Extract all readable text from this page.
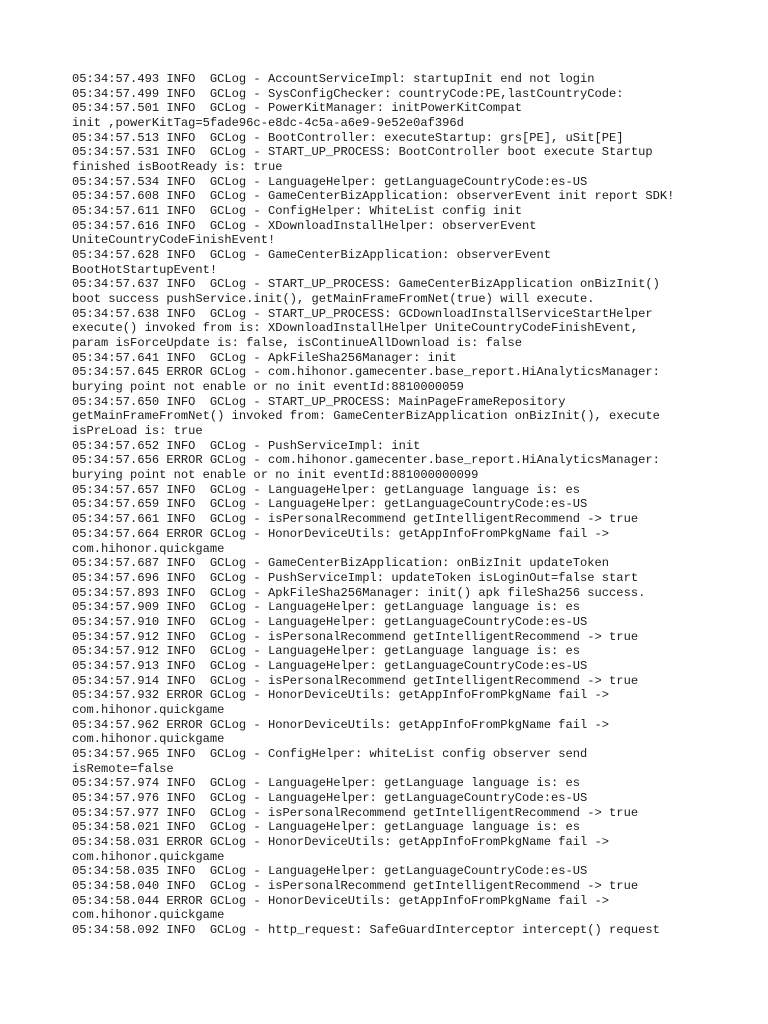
05:34:57.493 INFO  GCLog - AccountServiceImpl: startupInit end not login
05:34:57.499 INFO  GCLog - SysConfigChecker: countryCode:PE,lastCountryCode:
05:34:57.501 INFO  GCLog - PowerKitManager: initPowerKitCompat
init ,powerKitTag=5fade96c-e8dc-4c5a-a6e9-9e52e0af396d
05:34:57.513 INFO  GCLog - BootController: executeStartup: grs[PE], uSit[PE]
05:34:57.531 INFO  GCLog - START_UP_PROCESS: BootController boot execute Startup
finished isBootReady is: true
05:34:57.534 INFO  GCLog - LanguageHelper: getLanguageCountryCode:es-US
05:34:57.608 INFO  GCLog - GameCenterBizApplication: observerEvent init report SDK!
05:34:57.611 INFO  GCLog - ConfigHelper: WhiteList config init
05:34:57.616 INFO  GCLog - XDownloadInstallHelper: observerEvent
UniteCountryCodeFinishEvent!
05:34:57.628 INFO  GCLog - GameCenterBizApplication: observerEvent
BootHotStartupEvent!
05:34:57.637 INFO  GCLog - START_UP_PROCESS: GameCenterBizApplication onBizInit()
boot success pushService.init(), getMainFrameFromNet(true) will execute.
05:34:57.638 INFO  GCLog - START_UP_PROCESS: GCDownloadInstallServiceStartHelper
execute() invoked from is: XDownloadInstallHelper UniteCountryCodeFinishEvent,
param isForceUpdate is: false, isContinueAllDownload is: false
05:34:57.641 INFO  GCLog - ApkFileSha256Manager: init
05:34:57.645 ERROR GCLog - com.hihonor.gamecenter.base_report.HiAnalyticsManager:
burying point not enable or no init eventId:8810000059
05:34:57.650 INFO  GCLog - START_UP_PROCESS: MainPageFrameRepository
getMainFrameFromNet() invoked from: GameCenterBizApplication onBizInit(), execute
isPreLoad is: true
05:34:57.652 INFO  GCLog - PushServiceImpl: init
05:34:57.656 ERROR GCLog - com.hihonor.gamecenter.base_report.HiAnalyticsManager:
burying point not enable or no init eventId:881000000099
05:34:57.657 INFO  GCLog - LanguageHelper: getLanguage language is: es
05:34:57.659 INFO  GCLog - LanguageHelper: getLanguageCountryCode:es-US
05:34:57.661 INFO  GCLog - isPersonalRecommend getIntelligentRecommend -> true
05:34:57.664 ERROR GCLog - HonorDeviceUtils: getAppInfoFromPkgName fail ->
com.hihonor.quickgame
05:34:57.687 INFO  GCLog - GameCenterBizApplication: onBizInit updateToken
05:34:57.696 INFO  GCLog - PushServiceImpl: updateToken isLoginOut=false start
05:34:57.893 INFO  GCLog - ApkFileSha256Manager: init() apk fileSha256 success.
05:34:57.909 INFO  GCLog - LanguageHelper: getLanguage language is: es
05:34:57.910 INFO  GCLog - LanguageHelper: getLanguageCountryCode:es-US
05:34:57.912 INFO  GCLog - isPersonalRecommend getIntelligentRecommend -> true
05:34:57.912 INFO  GCLog - LanguageHelper: getLanguage language is: es
05:34:57.913 INFO  GCLog - LanguageHelper: getLanguageCountryCode:es-US
05:34:57.914 INFO  GCLog - isPersonalRecommend getIntelligentRecommend -> true
05:34:57.932 ERROR GCLog - HonorDeviceUtils: getAppInfoFromPkgName fail ->
com.hihonor.quickgame
05:34:57.962 ERROR GCLog - HonorDeviceUtils: getAppInfoFromPkgName fail ->
com.hihonor.quickgame
05:34:57.965 INFO  GCLog - ConfigHelper: whiteList config observer send
isRemote=false
05:34:57.974 INFO  GCLog - LanguageHelper: getLanguage language is: es
05:34:57.976 INFO  GCLog - LanguageHelper: getLanguageCountryCode:es-US
05:34:57.977 INFO  GCLog - isPersonalRecommend getIntelligentRecommend -> true
05:34:58.021 INFO  GCLog - LanguageHelper: getLanguage language is: es
05:34:58.031 ERROR GCLog - HonorDeviceUtils: getAppInfoFromPkgName fail ->
com.hihonor.quickgame
05:34:58.035 INFO  GCLog - LanguageHelper: getLanguageCountryCode:es-US
05:34:58.040 INFO  GCLog - isPersonalRecommend getIntelligentRecommend -> true
05:34:58.044 ERROR GCLog - HonorDeviceUtils: getAppInfoFromPkgName fail ->
com.hihonor.quickgame
05:34:58.092 INFO  GCLog - http_request: SafeGuardInterceptor intercept() request
